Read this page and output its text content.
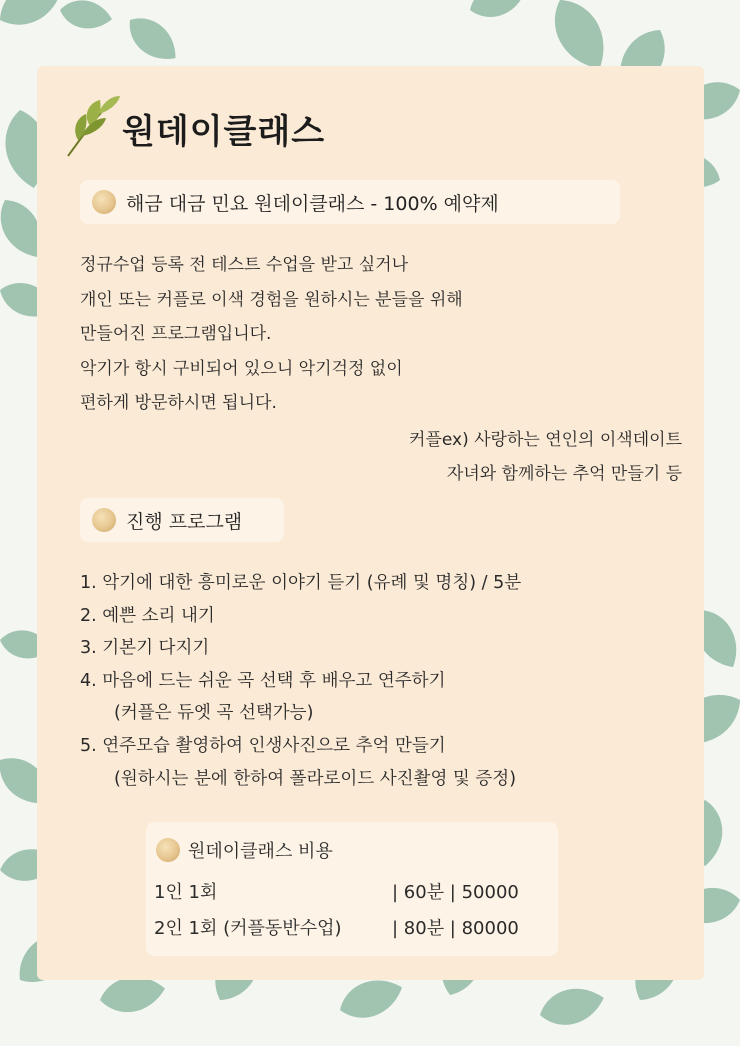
원데이클래스
해금 대금 민요 원데이클래스 - 100% 예약제
정규수업 등록 전 테스트 수업을 받고 싶거나
개인 또는 커플로 이색 경험을 원하시는 분들을 위해
만들어진 프로그램입니다.
악기가 항시 구비되어 있으니 악기걱정 없이
편하게 방문하시면 됩니다.
커플ex) 사랑하는 연인의 이색데이트
자녀와 함께하는 추억 만들기 등
진행 프로그램
1. 악기에 대한 흥미로운 이야기 듣기 (유례 및 명칭) / 5분
2. 예쁜 소리 내기
3. 기본기 다지기
4. 마음에 드는 쉬운 곡 선택 후 배우고 연주하기
(커플은 듀엣 곡 선택가능)
5. 연주모습 촬영하여 인생사진으로 추억 만들기
(원하시는 분에 한하여 폴라로이드 사진촬영 및 증정)
원데이클래스 비용
1인 1회	| 60분 | 50000
2인 1회 (커플동반수업)	| 80분 | 80000
